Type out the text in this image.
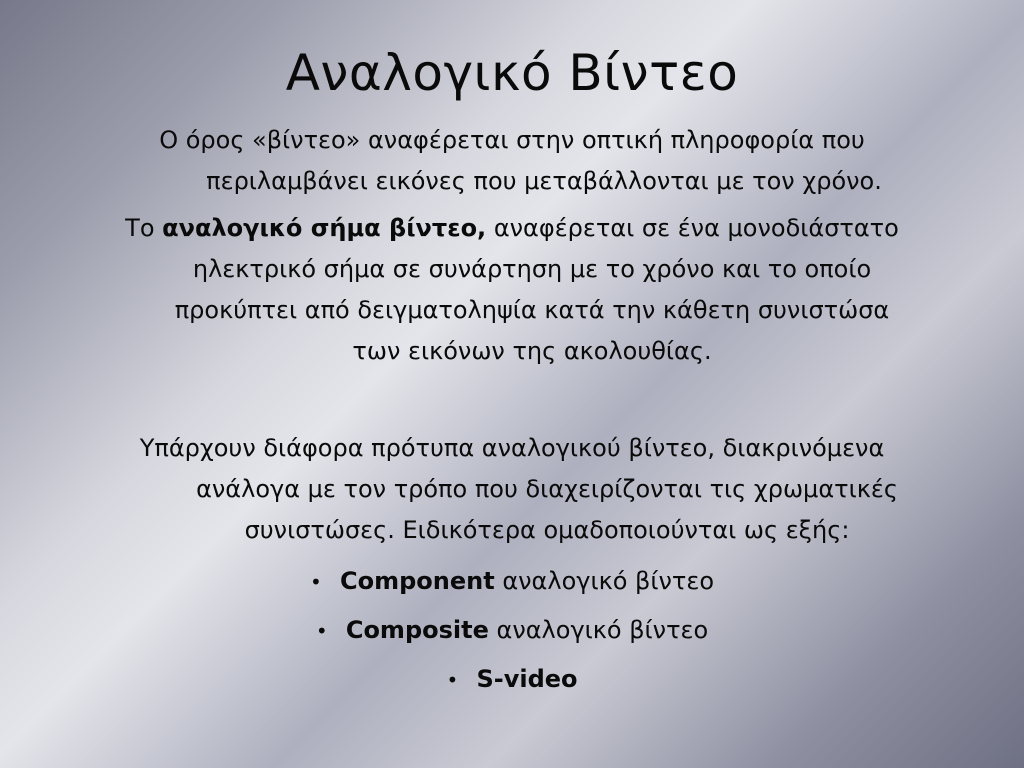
Αναλογικό Βίντεο
Ο όρος «βίντεο» αναφέρεται στην οπτική πληροφορία που
περιλαμβάνει εικόνες που μεταβάλλονται με τον χρόνο.
Το αναλογικό σήμα βίντεο, αναφέρεται σε ένα μονοδιάστατο
ηλεκτρικό σήμα σε συνάρτηση με το χρόνο και το οποίο
προκύπτει από δειγματοληψία κατά την κάθετη συνιστώσα
των εικόνων της ακολουθίας.
Υπάρχουν διάφορα πρότυπα αναλογικού βίντεο, διακρινόμενα
ανάλογα με τον τρόπο που διαχειρίζονται τις χρωματικές
συνιστώσες. Ειδικότερα ομαδοποιούνται ως εξής:
• Component αναλογικό βίντεο
• Composite αναλογικό βίντεο
• S-video
